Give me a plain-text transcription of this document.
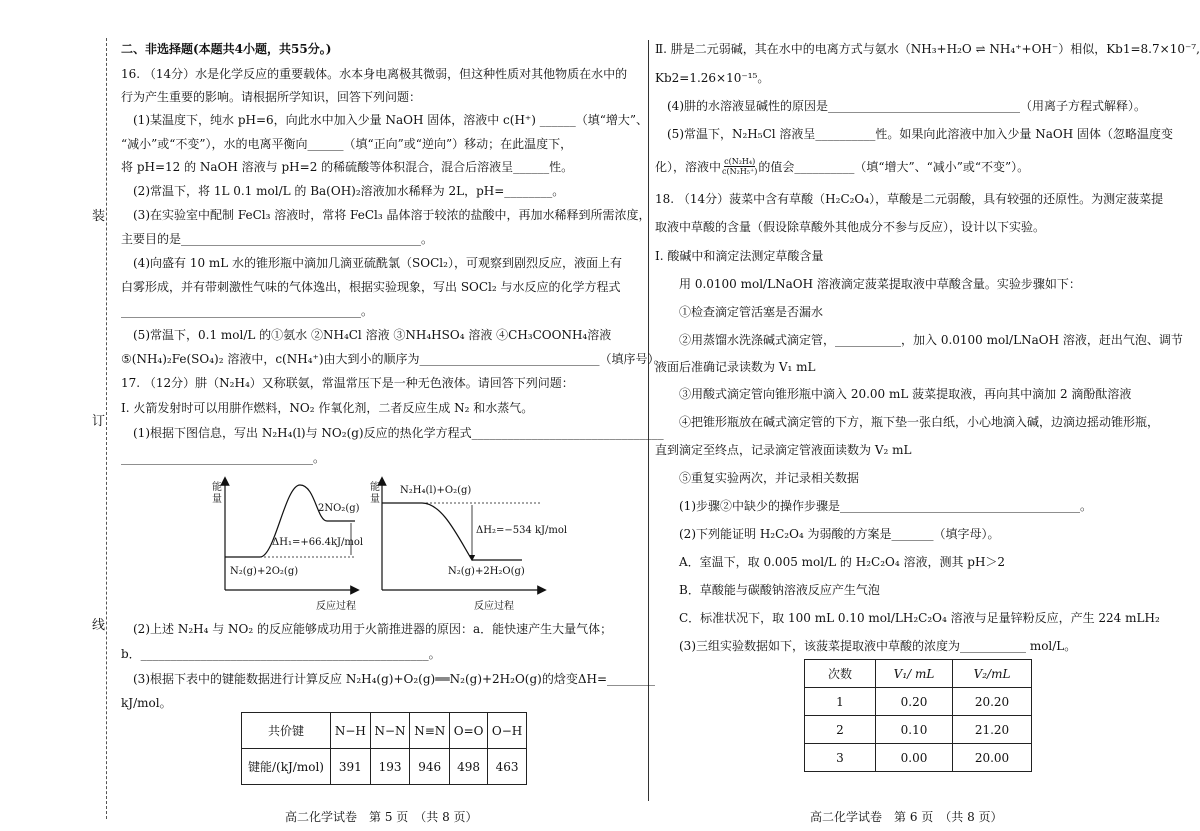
装
订
线
二、非选择题(本题共4小题，共55分。)
16. （14分）水是化学反应的重要载体。水本身电离极其微弱，但这种性质对其他物质在水中的
行为产生重要的影响。请根据所学知识，回答下列问题：
(1)某温度下，纯水 pH=6，向此水中加入少量 NaOH 固体，溶液中 c(H⁺) ______（填“增大”、
“减小”或“不变”），水的电离平衡向______（填“正向”或“逆向”）移动；在此温度下，
将 pH=12 的 NaOH 溶液与 pH=2 的稀硫酸等体积混合，混合后溶液呈______性。
(2)常温下，将 1L 0.1 mol/L 的 Ba(OH)₂溶液加水稀释为 2L，pH=________。
(3)在实验室中配制 FeCl₃ 溶液时，常将 FeCl₃ 晶体溶于较浓的盐酸中，再加水稀释到所需浓度，
主要目的是________________________________________。
(4)向盛有 10 mL 水的锥形瓶中滴加几滴亚硫酰氯（SOCl₂），可观察到剧烈反应，液面上有
白雾形成，并有带刺激性气味的气体逸出，根据实验现象，写出 SOCl₂ 与水反应的化学方程式
________________________________________。
(5)常温下，0.1 mol/L 的①氨水 ②NH₄Cl 溶液 ③NH₄HSO₄ 溶液 ④CH₃COONH₄溶液
⑤(NH₄)₂Fe(SO₄)₂ 溶液中，c(NH₄⁺)由大到小的顺序为______________________________（填序号）。
17. （12分）肼（N₂H₄）又称联氨，常温常压下是一种无色液体。请回答下列问题：
Ⅰ. 火箭发射时可以用肼作燃料，NO₂ 作氧化剂，二者反应生成 N₂ 和水蒸气。
(1)根据下图信息，写出 N₂H₄(l)与 NO₂(g)反应的热化学方程式________________________________
________________________________。
能量
2NO₂(g)
N₂(g)+2O₂(g)
ΔH₁=+66.4kJ/mol
反应过程
能量
N₂H₄(l)+O₂(g)
N₂(g)+2H₂O(g)
ΔH₂=−534 kJ/mol
反应过程
(2)上述 N₂H₄ 与 NO₂ 的反应能够成功用于火箭推进器的原因：a．能快速产生大量气体；
b．________________________________________________。
(3)根据下表中的键能数据进行计算反应 N₂H₄(g)+O₂(g)══N₂(g)+2H₂O(g)的焓变ΔH=________
kJ/mol。
共价键	N−H	N−N	N≡N	O=O	O−H
键能/(kJ/mol)	391	193	946	498	463
高二化学试卷　第 5 页　（共 8 页）
Ⅱ. 肼是二元弱碱，其在水中的电离方式与氨水（NH₃+H₂O ⇌ NH₄⁺+OH⁻）相似，Kb1=8.7×10⁻⁷,
Kb2=1.26×10⁻¹⁵。
(4)肼的水溶液显碱性的原因是________________________________（用离子方程式解释）。
(5)常温下，N₂H₅Cl 溶液呈__________性。如果向此溶液中加入少量 NaOH 固体（忽略温度变
化），溶液中 $\frac{\text{c(N₂H₄)}}{\text{c(N₂H₅⁺)}}$ 的值会__________（填“增大”、“减小”或“不变”）。
18. （14分）菠菜中含有草酸（H₂C₂O₄），草酸是二元弱酸，具有较强的还原性。为测定菠菜提
取液中草酸的含量（假设除草酸外其他成分不参与反应），设计以下实验。
Ⅰ. 酸碱中和滴定法测定草酸含量
用 0.0100 mol/LNaOH 溶液滴定菠菜提取液中草酸含量。实验步骤如下：
①检查滴定管活塞是否漏水
②用蒸馏水洗涤碱式滴定管，___________，加入 0.0100 mol/LNaOH 溶液，赶出气泡、调节
液面后准确记录读数为 V₁ mL
③用酸式滴定管向锥形瓶中滴入 20.00 mL 菠菜提取液，再向其中滴加 2 滴酚酞溶液
④把锥形瓶放在碱式滴定管的下方，瓶下垫一张白纸，小心地滴入碱，边滴边摇动锥形瓶，
直到滴定至终点，记录滴定管液面读数为 V₂ mL
⑤重复实验两次，并记录相关数据
(1)步骤②中缺少的操作步骤是________________________________________。
(2)下列能证明 H₂C₂O₄ 为弱酸的方案是_______（填字母）。
A．室温下，取 0.005 mol/L 的 H₂C₂O₄ 溶液，测其 pH＞2
B．草酸能与碳酸钠溶液反应产生气泡
C．标准状况下，取 100 mL 0.10 mol/LH₂C₂O₄ 溶液与足量锌粉反应，产生 224 mLH₂
(3)三组实验数据如下，该菠菜提取液中草酸的浓度为___________ mol/L。
次数	V₁/ mL	V₂/mL
1	0.20	20.20
2	0.10	21.20
3	0.00	20.00
高二化学试卷　第 6 页　（共 8 页）
